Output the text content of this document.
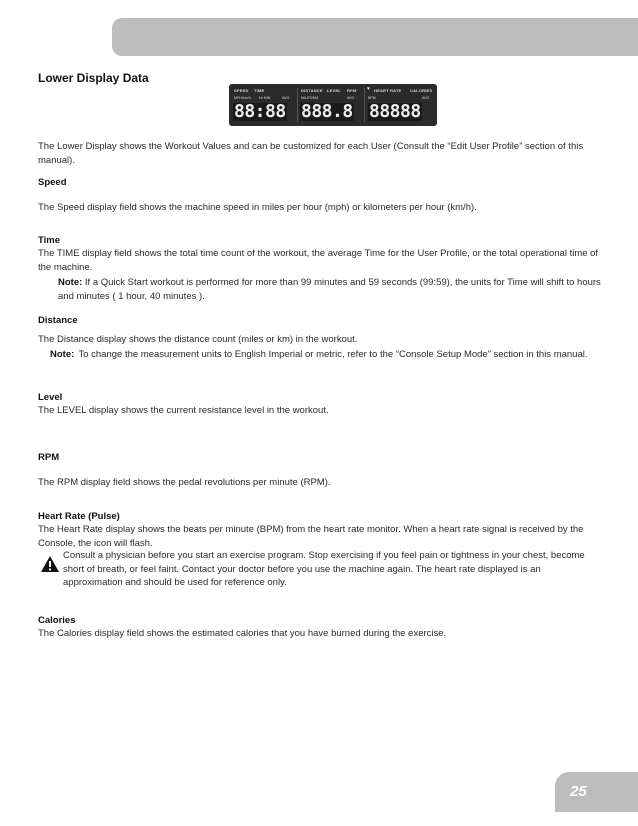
Lower Display Data
SPEED TIME	DISTANCE LEVEL RPM ♥ HEART RATE CALORIES
MPH/km/h Hr MIN	AVG	MILES/KM	AVG	BPM	AVG
88:88 888.8 88888
The Lower Display shows the Workout Values and can be customized for each User (Consult the “Edit User Profile” section of this manual).
Speed
The Speed display field shows the machine speed in miles per hour (mph) or kilometers per hour (km/h).
Time
The TIME display field shows the total time count of the workout, the average Time for the User Profile, or the total operational time of the machine.
Note: If a Quick Start workout is performed for more than 99 minutes and 59 seconds (99:59), the units for Time will shift to hours and minutes ( 1 hour, 40 minutes ).
Distance
The Distance display shows the distance count (miles or km) in the workout.
Note: To change the measurement units to English Imperial or metric, refer to the “Console Setup Mode” section in this manual.
Level
The LEVEL display shows the current resistance level in the workout.
RPM
The RPM display field shows the pedal revolutions per minute (RPM).
Heart Rate (Pulse)
The Heart Rate display shows the beats per minute (BPM) from the heart rate monitor. When a heart rate signal is received by the Console, the icon will flash.
Consult a physician before you start an exercise program. Stop exercising if you feel pain or tightness in your chest, become short of breath, or feel faint. Contact your doctor before you use the machine again. The heart rate displayed is an approximation and should be used for reference only.
Calories
The Calories display field shows the estimated calories that you have burned during the exercise.
25
